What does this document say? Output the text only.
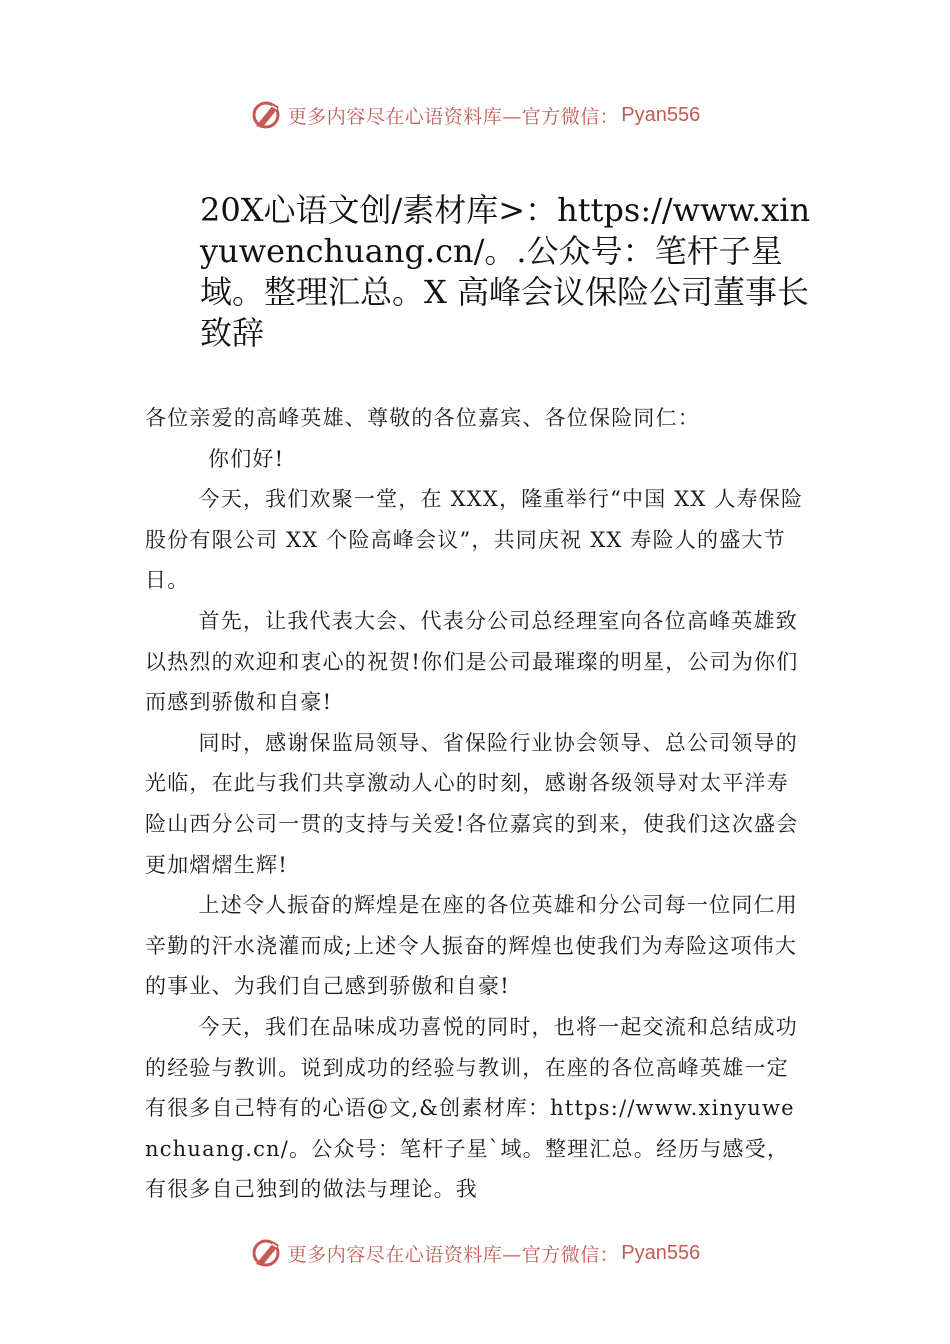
更多内容尽在心语资料库—官方微信： Pyan556
20X心语文创/素材库>：https://www.xinyuwenchuang.cn/。.公众号：笔杆子星域。整理汇总。X 高峰会议保险公司董事长致辞

各位亲爱的高峰英雄、尊敬的各位嘉宾、各位保险同仁：

你们好!

今天，我们欢聚一堂，在 XXX，隆重举行“中国 XX 人寿保险股份有限公司 XX 个险高峰会议”，共同庆祝 XX 寿险人的盛大节日。

首先，让我代表大会、代表分公司总经理室向各位高峰英雄致以热烈的欢迎和衷心的祝贺!你们是公司最璀璨的明星，公司为你们而感到骄傲和自豪!

同时，感谢保监局领导、省保险行业协会领导、总公司领导的光临，在此与我们共享激动人心的时刻，感谢各级领导对太平洋寿险山西分公司一贯的支持与关爱!各位嘉宾的到来，使我们这次盛会更加熠熠生辉!

上述令人振奋的辉煌是在座的各位英雄和分公司每一位同仁用辛勤的汗水浇灌而成;上述令人振奋的辉煌也使我们为寿险这项伟大的事业、为我们自己感到骄傲和自豪!

今天，我们在品味成功喜悦的同时，也将一起交流和总结成功的经验与教训。说到成功的经验与教训，在座的各位高峰英雄一定有很多自己特有的心语@文,&创素材库：https://www.xinyuwenchuang.cn/。公众号：笔杆子星`域。整理汇总。经历与感受，有很多自己独到的做法与理论。我

更多内容尽在心语资料库—官方微信： Pyan556
